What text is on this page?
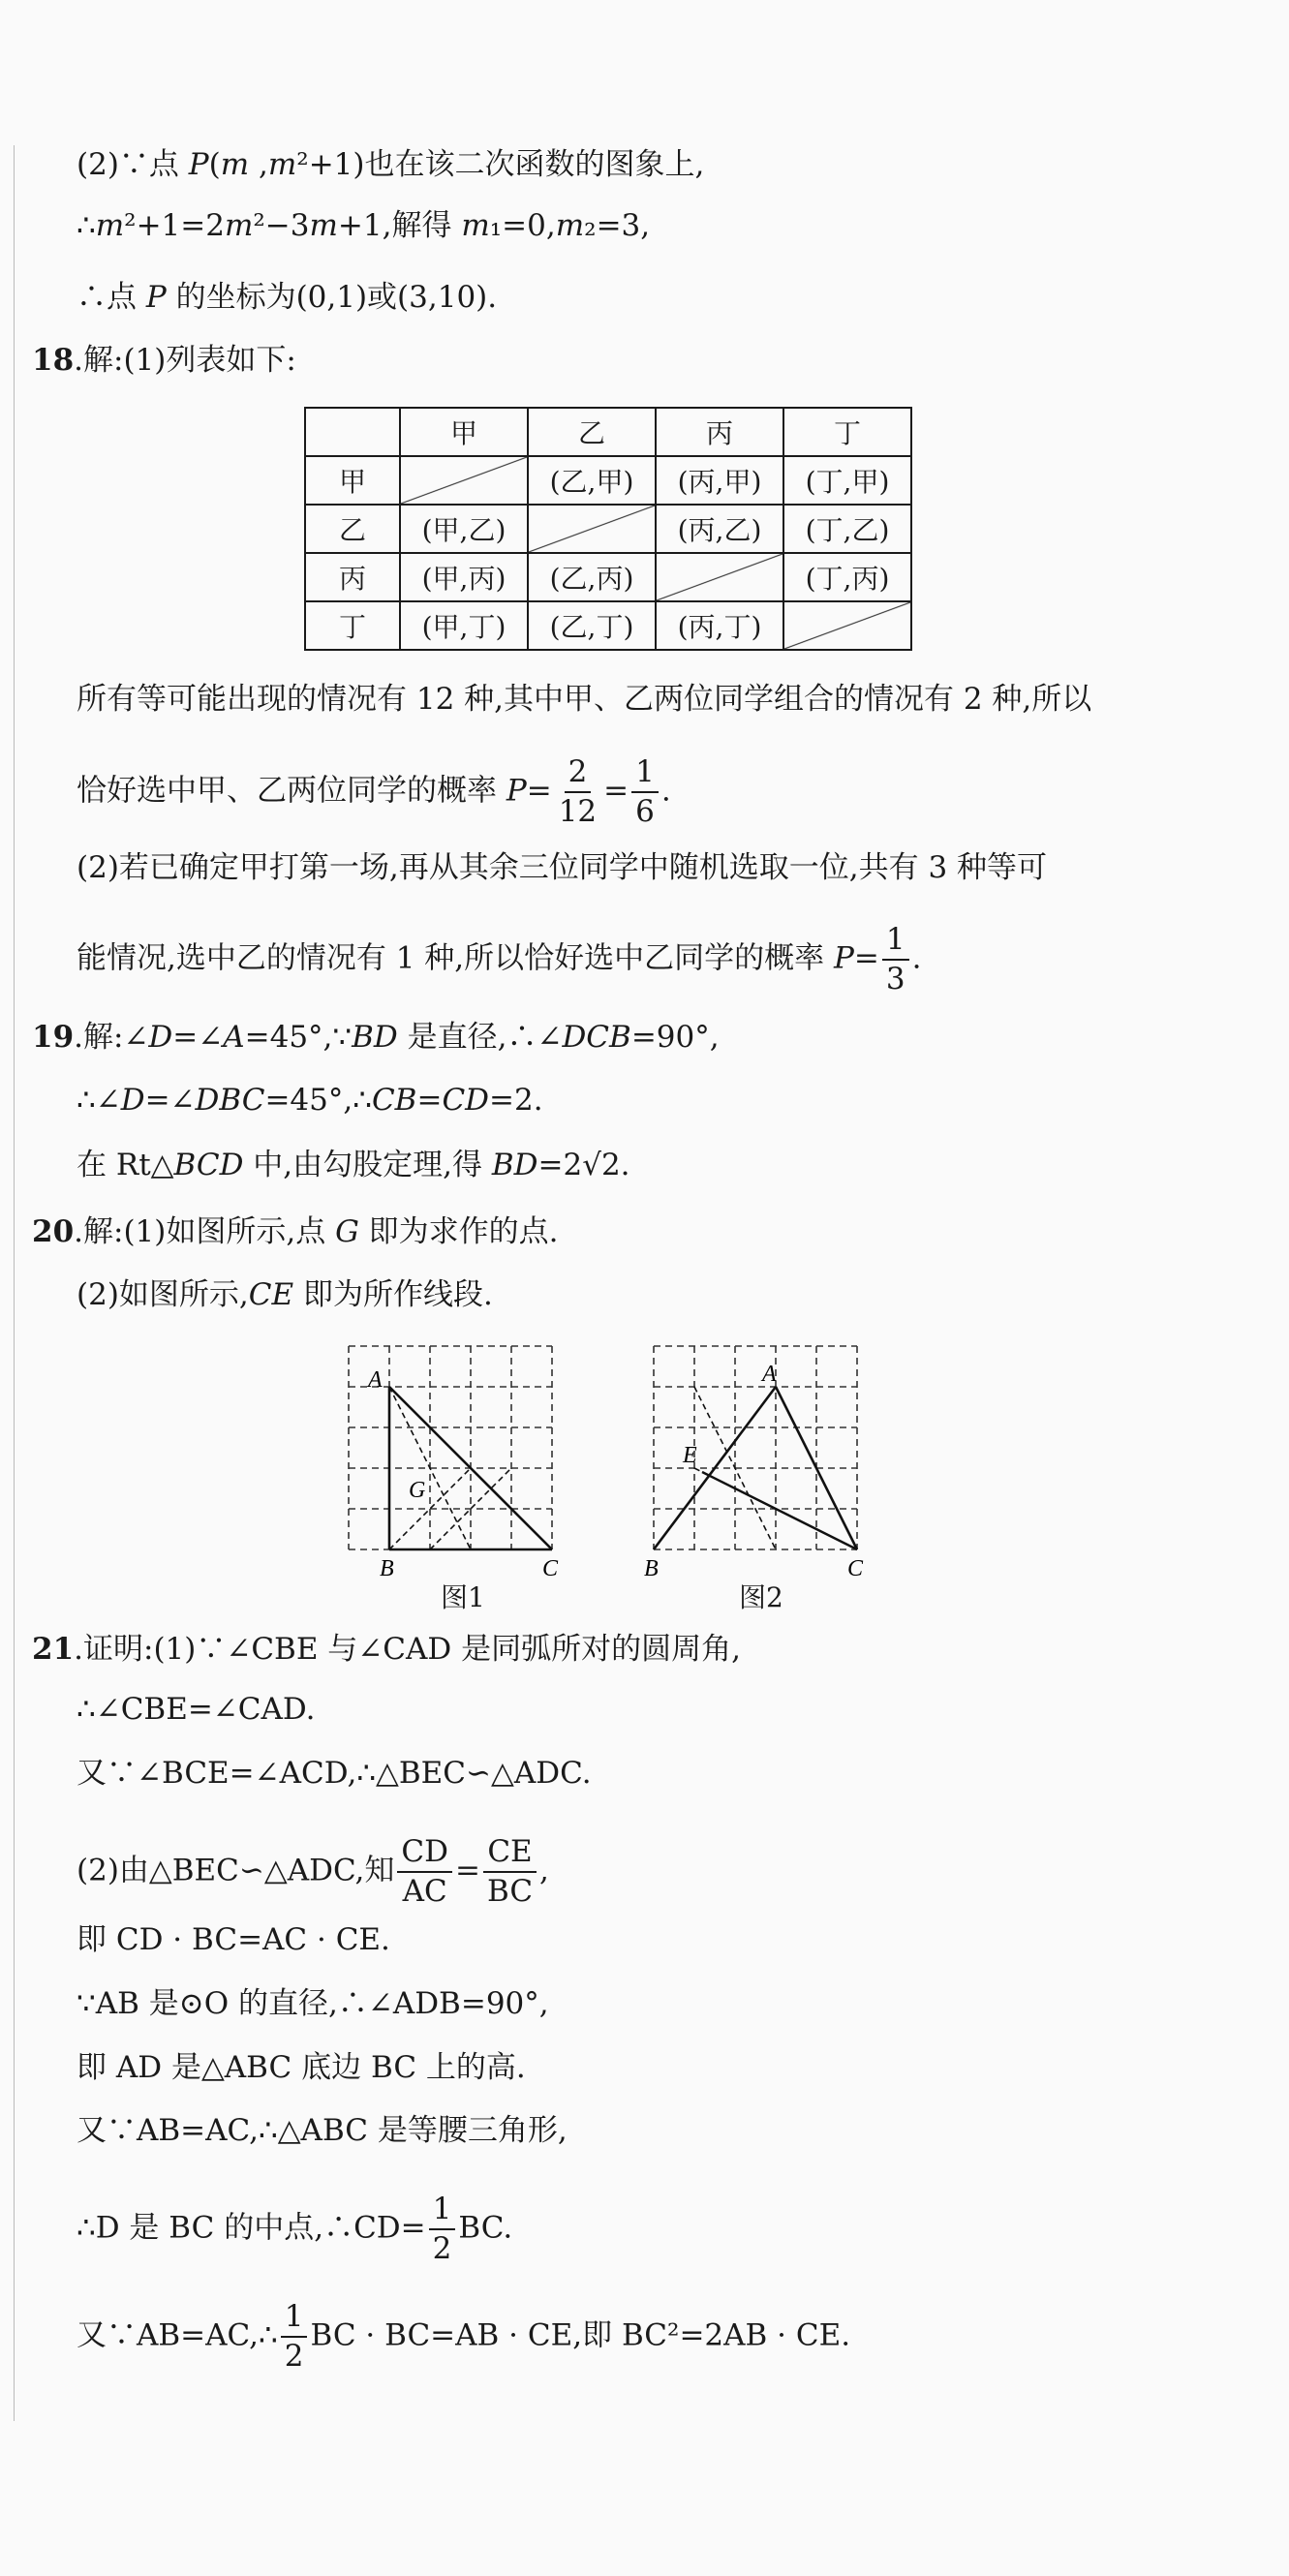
(2)∵点 P(m ,m²+1)也在该二次函数的图象上,
∴m²+1=2m²−3m+1,解得 m₁=0,m₂=3,
∴点 P 的坐标为(0,1)或(3,10).
18.解:(1)列表如下:
	甲	乙	丙	丁
甲		(乙,甲)	(丙,甲)	(丁,甲)
乙	(甲,乙)		(丙,乙)	(丁,乙)
丙	(甲,丙)	(乙,丙)		(丁,丙)
丁	(甲,丁)	(乙,丁)	(丙,丁)	
所有等可能出现的情况有 12 种,其中甲、乙两位同学组合的情况有 2 种,所以
恰好选中甲、乙两位同学的概率 $P= \frac{2}{12} = \frac{1}{6}$ .
(2)若已确定甲打第一场,再从其余三位同学中随机选取一位,共有 3 种等可
能情况,选中乙的情况有 1 种,所以恰好选中乙同学的概率 $P= \frac{1}{3}$ .
19.解:∠D=∠A=45°,∵BD 是直径,∴∠DCB=90°,
∴∠D=∠DBC=45°,∴CB=CD=2.
在 Rt△BCD 中,由勾股定理,得 BD=2√2.
20.解:(1)如图所示,点 G 即为求作的点.
(2)如图所示,CE 即为所作线段.
A
G
B	C
图1
A
E
B	C
图2
21.证明:(1)∵∠CBE 与∠CAD 是同弧所对的圆周角,
∴∠CBE=∠CAD.
又∵∠BCE=∠ACD,∴△BEC∽△ADC.
(2)由△BEC∽△ADC,知 $\frac{CD}{AC} = \frac{CE}{BC}$ ,
即 CD · BC=AC · CE.
∵AB 是⊙O 的直径,∴∠ADB=90°,
即 AD 是△ABC 底边 BC 上的高.
又∵AB=AC,∴△ABC 是等腰三角形,
∴D 是 BC 的中点,∴CD= $\frac{1}{2}$ BC.
又∵AB=AC,∴ $\frac{1}{2}$ BC · BC=AB · CE,即 BC²=2AB · CE.
